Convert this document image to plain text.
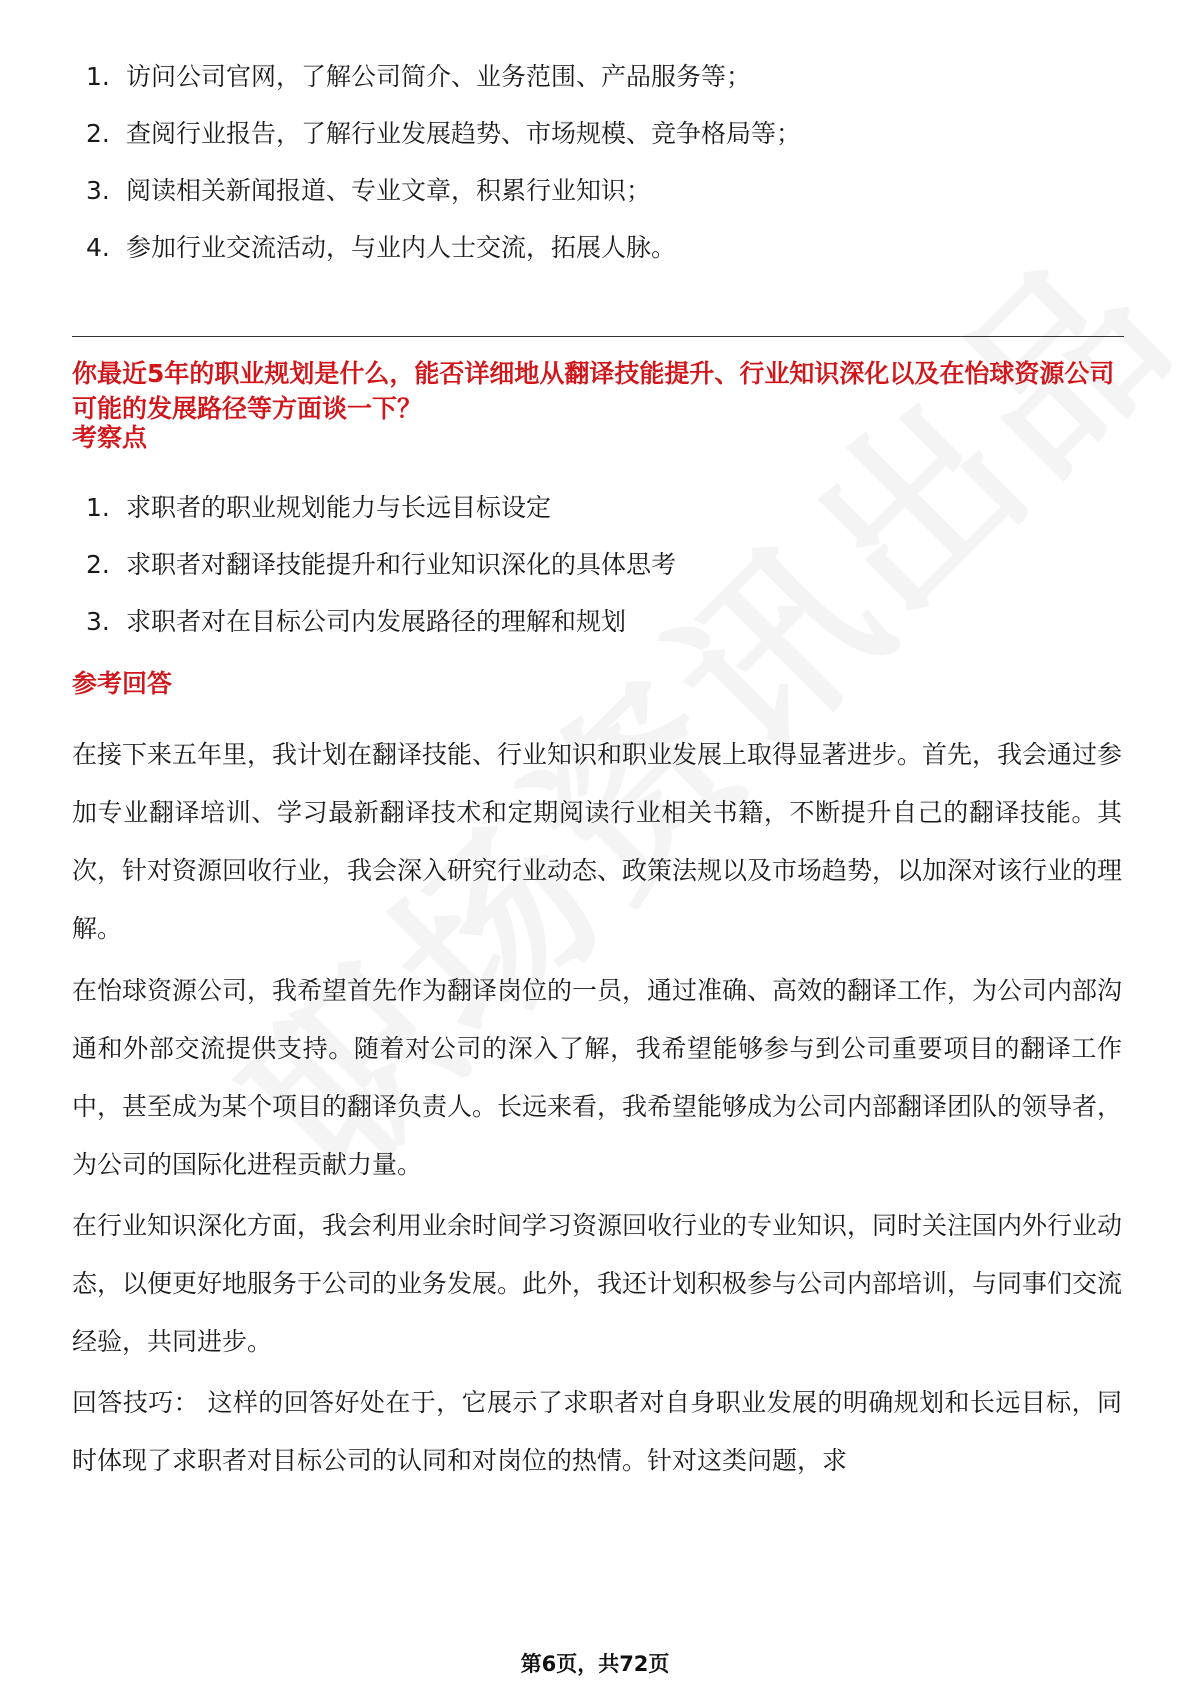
1. 访问公司官网，了解公司简介、业务范围、产品服务等；
2. 查阅行业报告，了解行业发展趋势、市场规模、竞争格局等；
3. 阅读相关新闻报道、专业文章，积累行业知识；
4. 参加行业交流活动，与业内人士交流，拓展人脉。
你最近5年的职业规划是什么，能否详细地从翻译技能提升、行业知识深化以及在怡球资源公司可能的发展路径等方面谈一下？
考察点
1. 求职者的职业规划能力与长远目标设定
2. 求职者对翻译技能提升和行业知识深化的具体思考
3. 求职者对在目标公司内发展路径的理解和规划
参考回答

在接下来五年里，我计划在翻译技能、行业知识和职业发展上取得显著进步。首先，我会通过参加专业翻译培训、学习最新翻译技术和定期阅读行业相关书籍，不断提升自己的翻译技能。其次，针对资源回收行业，我会深入研究行业动态、政策法规以及市场趋势，以加深对该行业的理解。

在怡球资源公司，我希望首先作为翻译岗位的一员，通过准确、高效的翻译工作，为公司内部沟通和外部交流提供支持。随着对公司的深入了解，我希望能够参与到公司重要项目的翻译工作中，甚至成为某个项目的翻译负责人。长远来看，我希望能够成为公司内部翻译团队的领导者，为公司的国际化进程贡献力量。

在行业知识深化方面，我会利用业余时间学习资源回收行业的专业知识，同时关注国内外行业动态，以便更好地服务于公司的业务发展。此外，我还计划积极参与公司内部培训，与同事们交流经验，共同进步。

回答技巧： 这样的回答好处在于，它展示了求职者对自身职业发展的明确规划和长远目标，同时体现了求职者对目标公司的认同和对岗位的热情。针对这类问题，求

第6页，共72页
